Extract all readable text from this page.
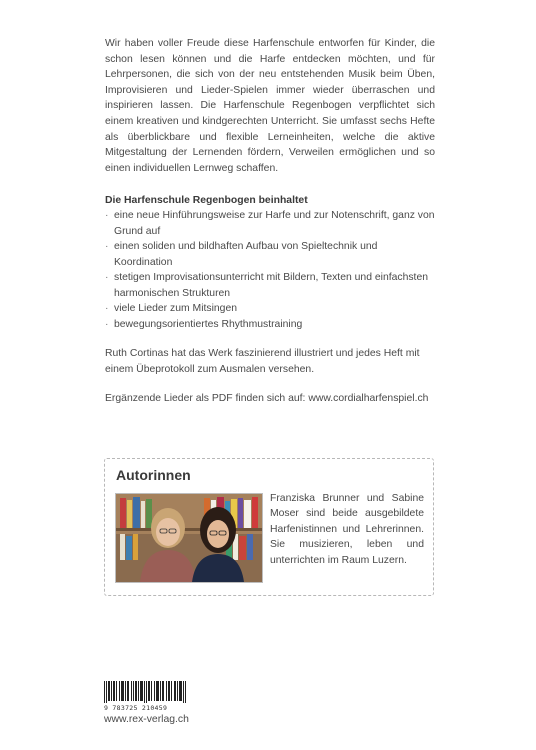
Wir haben voller Freude diese Harfenschule entworfen für Kinder, die schon lesen können und die Harfe entdecken möchten, und für Lehrpersonen, die sich von der neu entstehenden Musik beim Üben, Improvisieren und Lieder-Spielen immer wieder überraschen und inspirieren lassen. Die Harfenschule Regenbogen verpflichtet sich einem kreativen und kindgerechten Unterricht. Sie umfasst sechs Hefte als überblickbare und flexible Lerneinheiten, welche die aktive Mitgestaltung der Lernenden fördern, Verweilen ermöglichen und so einen individuellen Lernweg schaffen.

Die Harfenschule Regenbogen beinhaltet

· eine neue Hinführungsweise zur Harfe und zur Notenschrift, ganz von Grund auf
· einen soliden und bildhaften Aufbau von Spieltechnik und Koordination
· stetigen Improvisationsunterricht mit Bildern, Texten und einfachsten harmonischen Strukturen
· viele Lieder zum Mitsingen
· bewegungsorientiertes Rhythmustraining

Ruth Cortinas hat das Werk faszinierend illustriert und jedes Heft mit einem Übeprotokoll zum Ausmalen versehen.

Ergänzende Lieder als PDF finden sich auf: www.cordialharfenspiel.ch

Autorinnen

Franziska Brunner und Sabine Moser sind beide ausgebildete Harfenistinnen und Lehrerinnen. Sie musizieren, leben und unterrichten im Raum Luzern.

9 783725 210459
www.rex-verlag.ch
